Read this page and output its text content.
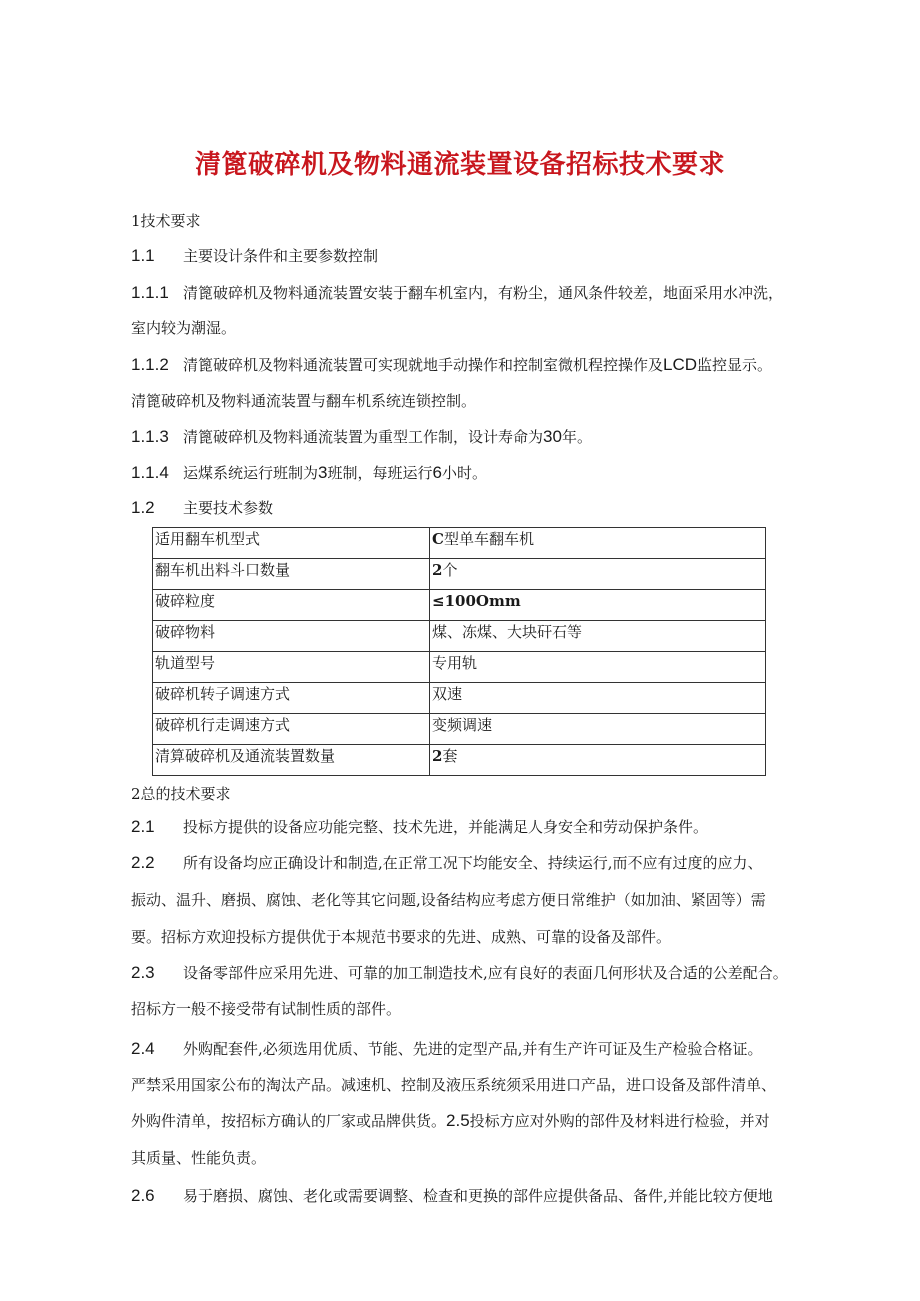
清篦破碎机及物料通流装置设备招标技术要求
1技术要求
1.1 主要设计条件和主要参数控制
1.1.1 清篦破碎机及物料通流装置安装于翻车机室内，有粉尘，通风条件较差，地面采用水冲洗，
室内较为潮湿。
1.1.2 清篦破碎机及物料通流装置可实现就地手动操作和控制室微机程控操作及LCD监控显示。
清篦破碎机及物料通流装置与翻车机系统连锁控制。
1.1.3 清篦破碎机及物料通流装置为重型工作制，设计寿命为30年。
1.1.4 运煤系统运行班制为3班制，每班运行6小时。
1.2 主要技术参数
适用翻车机型式	C型单车翻车机
翻车机出料斗口数量	2个
破碎粒度	≤100Omm
破碎物料	煤、冻煤、大块矸石等
轨道型号	专用轨
破碎机转子调速方式	双速
破碎机行走调速方式	变频调速
清算破碎机及通流装置数量	2套
2总的技术要求
2.1 投标方提供的设备应功能完整、技术先进，并能满足人身安全和劳动保护条件。
2.2 所有设备均应正确设计和制造,在正常工况下均能安全、持续运行,而不应有过度的应力、
振动、温升、磨损、腐蚀、老化等其它问题,设备结构应考虑方便日常维护（如加油、紧固等）需
要。招标方欢迎投标方提供优于本规范书要求的先进、成熟、可靠的设备及部件。
2.3 设备零部件应采用先进、可靠的加工制造技术,应有良好的表面几何形状及合适的公差配合。
招标方一般不接受带有试制性质的部件。
2.4 外购配套件,必须选用优质、节能、先进的定型产品,并有生产许可证及生产检验合格证。
严禁采用国家公布的淘汰产品。减速机、控制及液压系统须采用进口产品，进口设备及部件清单、
外购件清单，按招标方确认的厂家或品牌供货。2.5投标方应对外购的部件及材料进行检验，并对
其质量、性能负责。
2.6 易于磨损、腐蚀、老化或需要调整、检查和更换的部件应提供备品、备件,并能比较方便地
